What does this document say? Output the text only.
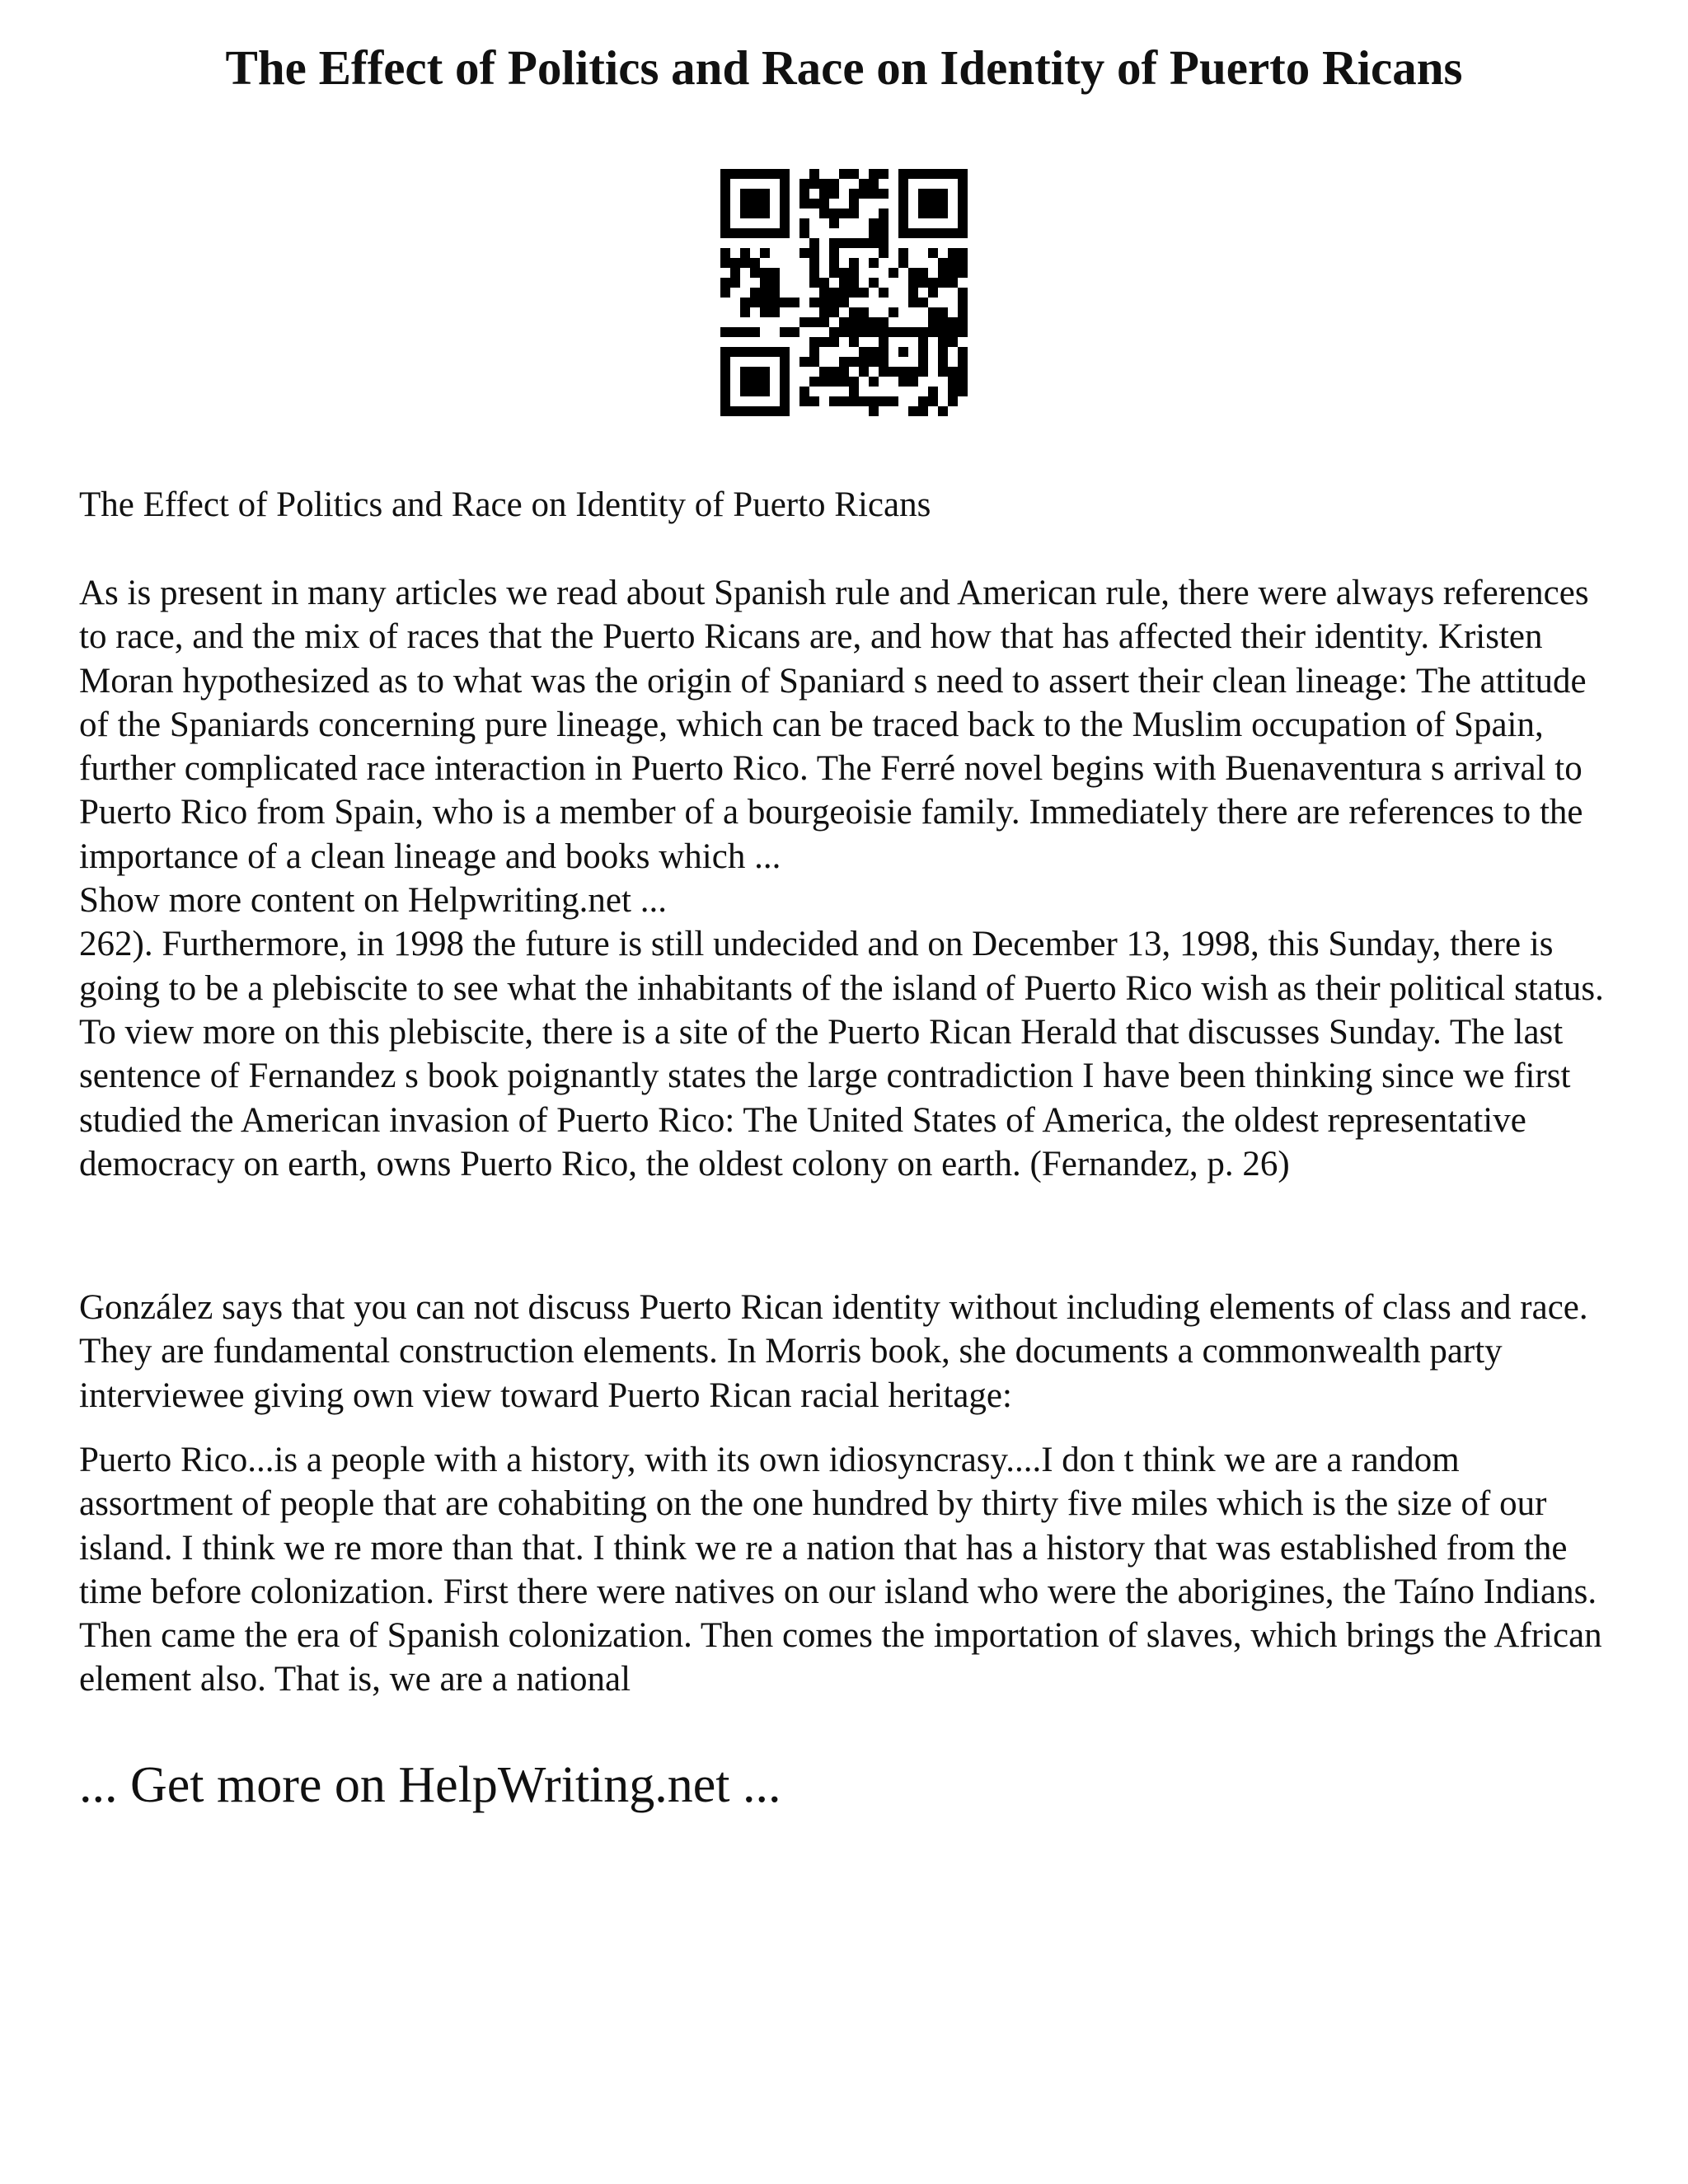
The Effect of Politics and Race on Identity of Puerto Ricans

The Effect of Politics and Race on Identity of Puerto Ricans

As is present in many articles we read about Spanish rule and American rule, there were always references to race, and the mix of races that the Puerto Ricans are, and how that has affected their identity. Kristen Moran hypothesized as to what was the origin of Spaniard s need to assert their clean lineage: The attitude of the Spaniards concerning pure lineage, which can be traced back to the Muslim occupation of Spain, further complicated race interaction in Puerto Rico. The Ferré novel begins with Buenaventura s arrival to Puerto Rico from Spain, who is a member of a bourgeoisie family. Immediately there are references to the importance of a clean lineage and books which ...
Show more content on Helpwriting.net ...
262). Furthermore, in 1998 the future is still undecided and on December 13, 1998, this Sunday, there is going to be a plebiscite to see what the inhabitants of the island of Puerto Rico wish as their political status. To view more on this plebiscite, there is a site of the Puerto Rican Herald that discusses Sunday. The last sentence of Fernandez s book poignantly states the large contradiction I have been thinking since we first studied the American invasion of Puerto Rico: The United States of America, the oldest representative democracy on earth, owns Puerto Rico, the oldest colony on earth. (Fernandez, p. 26)

González says that you can not discuss Puerto Rican identity without including elements of class and race. They are fundamental construction elements. In Morris book, she documents a commonwealth party interviewee giving own view toward Puerto Rican racial heritage:

Puerto Rico...is a people with a history, with its own idiosyncrasy....I don t think we are a random assortment of people that are cohabiting on the one hundred by thirty five miles which is the size of our island. I think we re more than that. I think we re a nation that has a history that was established from the time before colonization. First there were natives on our island who were the aborigines, the Taíno Indians. Then came the era of Spanish colonization. Then comes the importation of slaves, which brings the African element also. That is, we are a national

... Get more on HelpWriting.net ...
